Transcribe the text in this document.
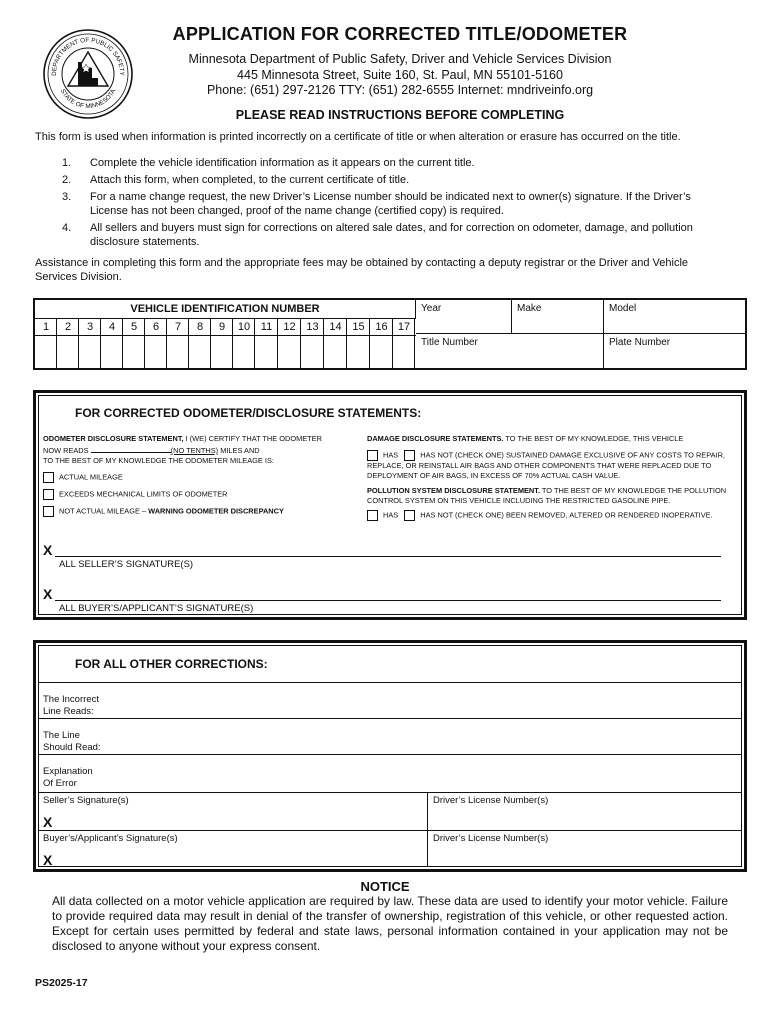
DEPARTMENT OF PUBLIC SAFETY
STATE OF MINNESOTA
APPLICATION FOR CORRECTED TITLE/ODOMETER
Minnesota Department of Public Safety, Driver and Vehicle Services Division
445 Minnesota Street, Suite 160, St. Paul, MN 55101-5160
Phone: (651) 297-2126 TTY: (651) 282-6555 Internet: mndriveinfo.org
PLEASE READ INSTRUCTIONS BEFORE COMPLETING
This form is used when information is printed incorrectly on a certificate of title or when alteration or erasure has occurred on the title.
1.	Complete the vehicle identification information as it appears on the current title.
2.	Attach this form, when completed, to the current certificate of title.
3.	For a name change request, the new Driver’s License number should be indicated next to owner(s) signature. If the Driver’s License has not been changed, proof of the name change (certified copy) is required.
4.	All sellers and buyers must sign for corrections on altered sale dates, and for correction on odometer, damage, and pollution disclosure statements.
Assistance in completing this form and the appropriate fees may be obtained by contacting a deputy registrar or the Driver and Vehicle Services Division.
VEHICLE IDENTIFICATION NUMBER
1	2	3	4	5	6	7	8	9	10 11	12 13 14 15 16 17
Year	Make	Model
Title Number	Plate Number
FOR CORRECTED ODOMETER/DISCLOSURE STATEMENTS:
ODOMETER DISCLOSURE STATEMENT, I (WE) CERTIFY THAT THE ODOMETER
NOW READS	(NO TENTHS) MILES AND
TO THE BEST OF MY KNOWLEDGE THE ODOMETER MILEAGE IS:
ACTUAL MILEAGE
EXCEEDS MECHANICAL LIMITS OF ODOMETER
NOT ACTUAL MILEAGE – WARNING ODOMETER DISCREPANCY
DAMAGE DISCLOSURE STATEMENTS. TO THE BEST OF MY KNOWLEDGE, THIS VEHICLE
HAS	HAS NOT (CHECK ONE) SUSTAINED DAMAGE EXCLUSIVE OF ANY COSTS TO REPAIR, REPLACE, OR REINSTALL AIR BAGS AND OTHER COMPONENTS THAT WERE REPLACED DUE TO DEPLOYMENT OF AIR BAGS, IN EXCESS OF 70% ACTUAL CASH VALUE.
POLLUTION SYSTEM DISCLOSURE STATEMENT. TO THE BEST OF MY KNOWLEDGE THE POLLUTION CONTROL SYSTEM ON THIS VEHICLE INCLUDING THE RESTRICTED GASOLINE PIPE.
HAS	HAS NOT (CHECK ONE) BEEN REMOVED, ALTERED OR RENDERED INOPERATIVE.
X
ALL SELLER’S SIGNATURE(S)
X
ALL BUYER’S/APPLICANT’S SIGNATURE(S)
FOR ALL OTHER CORRECTIONS:
The Incorrect
Line Reads:
The Line
Should Read:
Explanation
Of Error
Seller’s Signature(s)	Driver’s License Number(s)
X
Buyer’s/Applicant’s Signature(s)	Driver’s License Number(s)
X
NOTICE
All data collected on a motor vehicle application are required by law. These data are used to identify your motor vehicle. Failure to provide required data may result in denial of the transfer of ownership, registration of this vehicle, or other requested action. Except for certain uses permitted by federal and state laws, personal information contained in your application may not be disclosed to anyone without your express consent.
PS2025-17
